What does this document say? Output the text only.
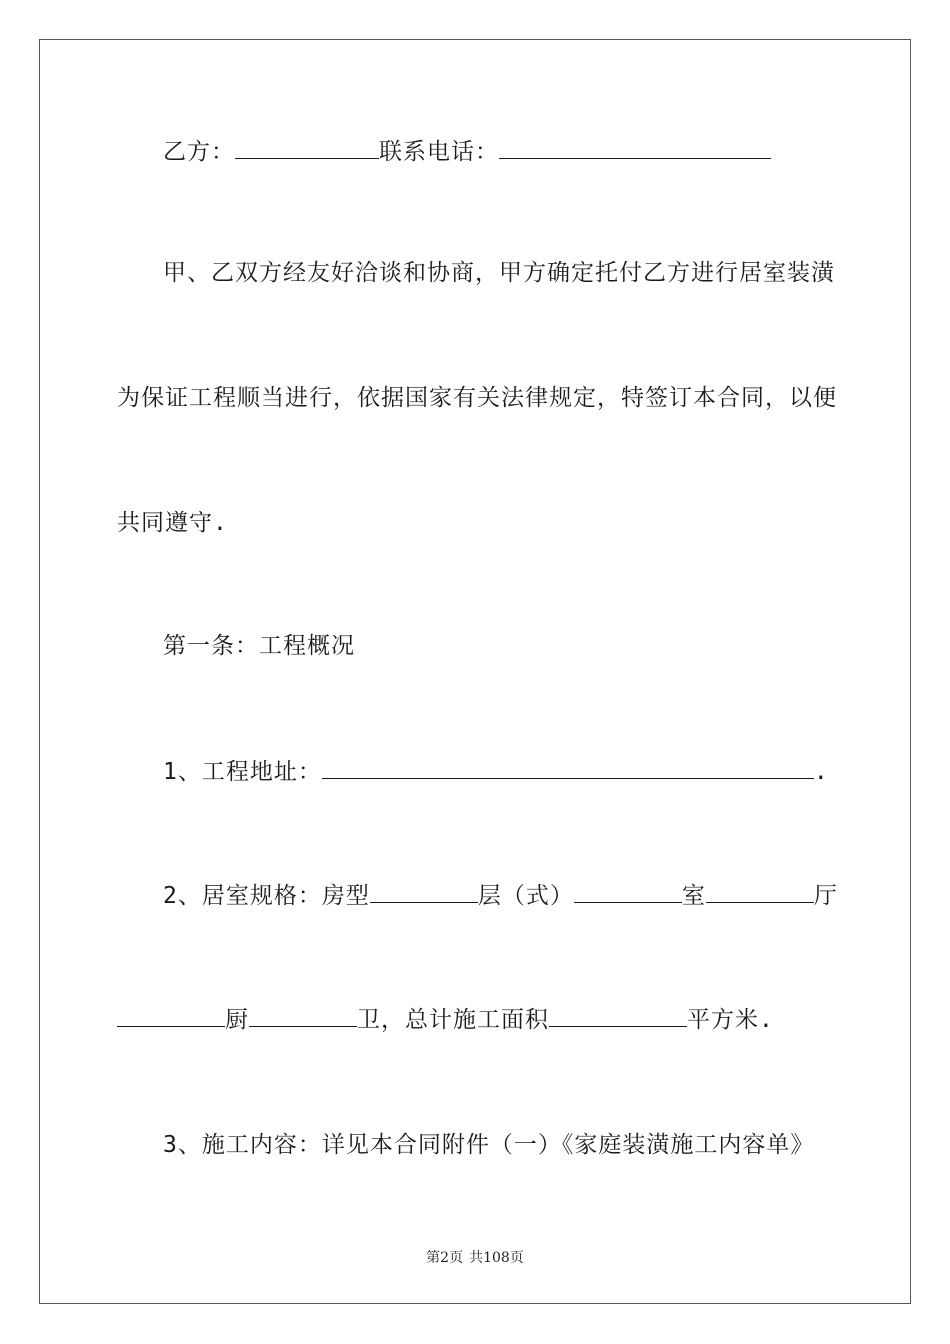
乙方：	联系电话：
甲、乙双方经友好洽谈和协商，甲方确定托付乙方进行居室装潢
为保证工程顺当进行，依据国家有关法律规定，特签订本合同，以便
共同遵守.
第一条：工程概况
1、工程地址：	.
2、居室规格：房型	层（式）	室	厅
厨	卫，总计施工面积	平方米.
3、施工内容：详见本合同附件（一）《家庭装潢施工内容单》
第2页 共108页
